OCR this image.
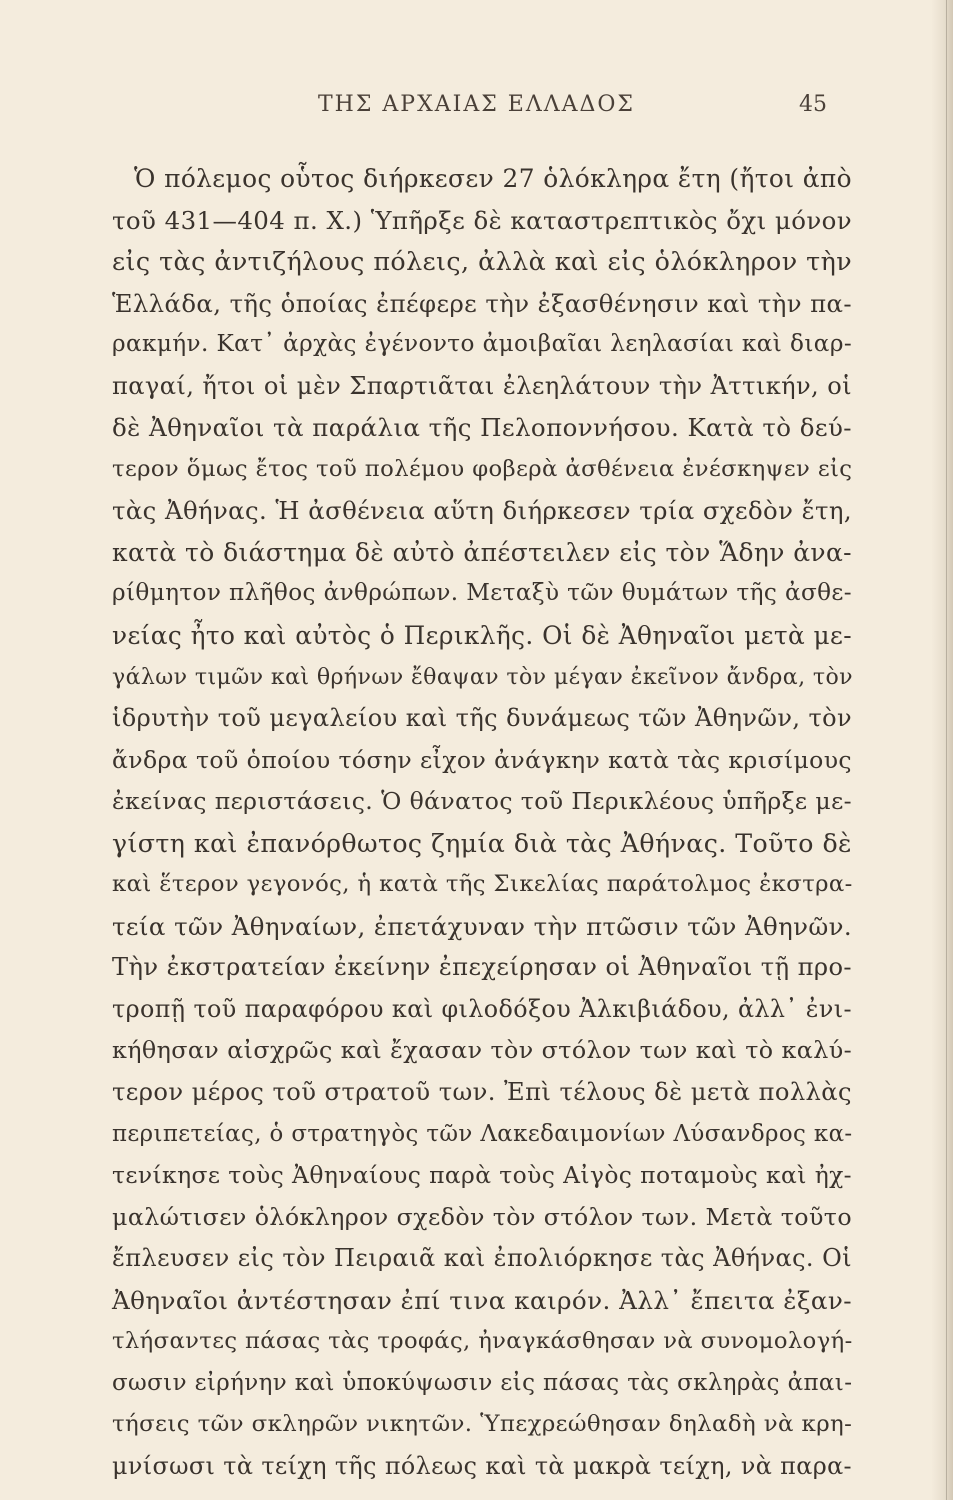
ΤΗΣ ΑΡΧΑΙΑΣ ΕΛΛΑΔΟΣ	45
Ὁ πόλεμος οὗτος διήρκεσεν 27 ὁλόκληρα ἔτη (ἤτοι ἀπὸ
τοῦ 431—404 π. Χ.) Ὑπῆρξε δὲ καταστρεπτικὸς ὄχι μόνον
εἰς τὰς ἀντιζήλους πόλεις, ἀλλὰ καὶ εἰς ὁλόκληρον τὴν
Ἑλλάδα, τῆς ὁποίας ἐπέφερε τὴν ἐξασθένησιν καὶ τὴν πα-
ρακμήν. Κατ᾽ ἀρχὰς ἐγένοντο ἀμοιβαῖαι λεηλασίαι καὶ διαρ-
παγαί, ἤτοι οἱ μὲν Σπαρτιᾶται ἐλεηλάτουν τὴν Ἀττικήν, οἱ
δὲ Ἀθηναῖοι τὰ παράλια τῆς Πελοποννήσου. Κατὰ τὸ δεύ-
τερον ὅμως ἔτος τοῦ πολέμου φοβερὰ ἀσθένεια ἐνέσκηψεν εἰς
τὰς Ἀθήνας. Ἡ ἀσθένεια αὕτη διήρκεσεν τρία σχεδὸν ἔτη,
κατὰ τὸ διάστημα δὲ αὐτὸ ἀπέστειλεν εἰς τὸν Ἅδην ἀνα-
ρίθμητον πλῆθος ἀνθρώπων. Μεταξὺ τῶν θυμάτων τῆς ἀσθε-
νείας ἦτο καὶ αὐτὸς ὁ Περικλῆς. Οἱ δὲ Ἀθηναῖοι μετὰ με-
γάλων τιμῶν καὶ θρήνων ἔθαψαν τὸν μέγαν ἐκεῖνον ἄνδρα, τὸν
ἱδρυτὴν τοῦ μεγαλείου καὶ τῆς δυνάμεως τῶν Ἀθηνῶν, τὸν
ἄνδρα τοῦ ὁποίου τόσην εἶχον ἀνάγκην κατὰ τὰς κρισίμους
ἐκείνας περιστάσεις. Ὁ θάνατος τοῦ Περικλέους ὑπῆρξε με-
γίστη καὶ ἐπανόρθωτος ζημία διὰ τὰς Ἀθήνας. Τοῦτο δὲ
καὶ ἕτερον γεγονός, ἡ κατὰ τῆς Σικελίας παράτολμος ἐκστρα-
τεία τῶν Ἀθηναίων, ἐπετάχυναν τὴν πτῶσιν τῶν Ἀθηνῶν.
Τὴν ἐκστρατείαν ἐκείνην ἐπεχείρησαν οἱ Ἀθηναῖοι τῇ προ-
τροπῇ τοῦ παραφόρου καὶ φιλοδόξου Ἀλκιβιάδου, ἀλλ᾽ ἐνι-
κήθησαν αἰσχρῶς καὶ ἔχασαν τὸν στόλον των καὶ τὸ καλύ-
τερον μέρος τοῦ στρατοῦ των. Ἐπὶ τέλους δὲ μετὰ πολλὰς
περιπετείας, ὁ στρατηγὸς τῶν Λακεδαιμονίων Λύσανδρος κα-
τενίκησε τοὺς Ἀθηναίους παρὰ τοὺς Αἰγὸς ποταμοὺς καὶ ἠχ-
μαλώτισεν ὁλόκληρον σχεδὸν τὸν στόλον των. Μετὰ τοῦτο
ἔπλευσεν εἰς τὸν Πειραιᾶ καὶ ἐπολιόρκησε τὰς Ἀθήνας. Οἱ
Ἀθηναῖοι ἀντέστησαν ἐπί τινα καιρόν. Ἀλλ᾽ ἔπειτα ἐξαν-
τλήσαντες πάσας τὰς τροφάς, ἠναγκάσθησαν νὰ συνομολογή-
σωσιν εἰρήνην καὶ ὑποκύψωσιν εἰς πάσας τὰς σκληρὰς ἀπαι-
τήσεις τῶν σκληρῶν νικητῶν. Ὑπεχρεώθησαν δηλαδὴ νὰ κρη-
μνίσωσι τὰ τείχη τῆς πόλεως καὶ τὰ μακρὰ τείχη, νὰ παρα-
